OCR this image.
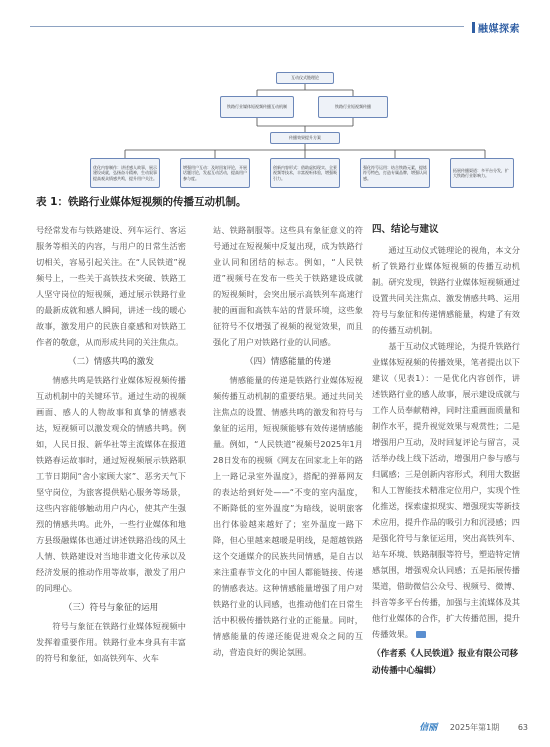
融媒探索
互动仪式链理论
铁路行业媒体短视频传播互动机制	铁路行业短视频传播
传播效果提升方案
优化内容制作：讲述感人故事，展示建设成就，弘扬奋斗精神，生动叙事提高观众情感共鸣，提升用户关注。
增强用户互动：及时回复评论，开展话题讨论，发起互动活动，提高用户参与度。
创新内容形式：借助虚拟现实、全景视频等技术，丰富视听体验，增强吸引力。
强化符号运用：结合铁路元素，提炼符号特色，打造专属品牌，增强认同感。
拓展传播渠道：多平台分发，扩大铁路行业影响力。
表 1：铁路行业媒体短视频的传播互动机制。

号经常发布与铁路建设、列车运行、客运服务等相关的内容，与用户的日常生活密切相关，容易引起关注。在“人民铁道”视频号上，一些关于高铁技术突破、铁路工人坚守岗位的短视频，通过展示铁路行业的最新成就和感人瞬间，讲述一线的暖心故事，激发用户的民族自豪感和对铁路工作者的敬意，从而形成共同的关注焦点。

（二）情感共鸣的激发

情感共鸣是铁路行业媒体短视频传播互动机制中的关键环节。通过生动的视频画面、感人的人物故事和真挚的情感表达，短视频可以激发观众的情感共鸣。例如，人民日报、新华社等主流媒体在报道铁路春运故事时，通过短视频展示铁路职工节日期间“舍小家顾大家”、恶劣天气下坚守岗位，为旅客提供贴心服务等场景，这些内容能够触动用户内心，使其产生强烈的情感共鸣。此外，一些行业媒体和地方县级融媒体也通过讲述铁路沿线的风土人情、铁路建设对当地非遗文化传承以及经济发展的推动作用等故事，激发了用户的同理心。

（三）符号与象征的运用

符号与象征在铁路行业媒体短视频中发挥着重要作用。铁路行业本身具有丰富的符号和象征，如高铁列车、火车

站、铁路制服等。这些具有象征意义的符号通过在短视频中反复出现，成为铁路行业认同和团结的标志。例如，“人民铁道”视频号在发布一些关于铁路建设成就的短视频时，会突出展示高铁列车高速行驶的画面和高铁车站的背景环境，这些象征符号不仅增强了视频的视觉效果，而且强化了用户对铁路行业的认同感。

（四）情感能量的传递

情感能量的传递是铁路行业媒体短视频传播互动机制的重要结果。通过共同关注焦点的设置、情感共鸣的激发和符号与象征的运用，短视频能够有效传递情感能量。例如，“人民铁道”视频号2025年1月28日发布的视频《网友在回家北上年的路上一路记录室外温度》，搭配的弹幕网友的表达给到好处——“不变的室内温度，不断降低的室外温度”为暗线，说明旅客出行体验越来越好了；室外温度一路下降，但心里越来越暖是明线，是超越铁路这个交通媒介的民族共同情感，是自古以来注重春节文化的中国人都能链接、传递的情感表达。这种情感能量增强了用户对铁路行业的认同感，也推动他们在日常生活中积极传播铁路行业的正能量。同时，情感能量的传递还能促进观众之间的互动，营造良好的舆论氛围。

四、结论与建议

通过互动仪式链理论的视角，本文分析了铁路行业媒体短视频的传播互动机制。研究发现，铁路行业媒体短视频通过设置共同关注焦点、激发情感共鸣、运用符号与象征和传递情感能量，构建了有效的传播互动机制。

基于互动仪式链理论，为提升铁路行业媒体短视频的传播效果，笔者提出以下建议（见表1）：一是优化内容创作，讲述铁路行业的感人故事，展示建设成就与工作人员奉献精神，同时注重画面质量和制作水平，提升视觉效果与观赏性；二是增强用户互动，及时回复评论与留言，灵活举办线上线下活动，增强用户参与感与归属感；三是创新内容形式，利用大数据和人工智能技术精准定位用户，实现个性化推送，探索虚拟现实、增强现实等新技术应用，提升作品的吸引力和沉浸感；四是强化符号与象征运用，突出高铁列车、站车环境、铁路制服等符号，塑造特定情感氛围，增强观众认同感；五是拓展传播渠道，借助微信公众号、视频号、微博、抖音等多平台传播，加强与主流媒体及其他行业媒体的合作，扩大传播范围，提升传播效果。

（作者系《人民铁道》报业有限公司移动传播中心编辑）
信丽 2025年第1期 63
